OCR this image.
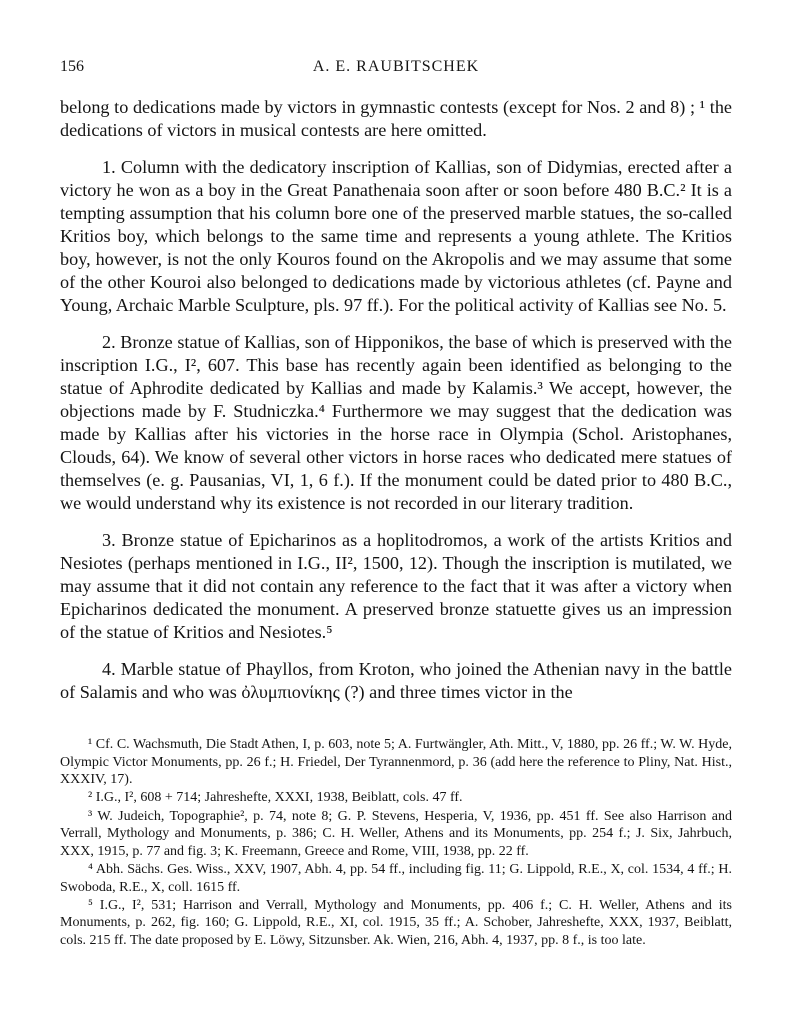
156	A. E. RAUBITSCHEK

belong to dedications made by victors in gymnastic contests (except for Nos. 2 and 8) ; ¹ the dedications of victors in musical contests are here omitted.

1. Column with the dedicatory inscription of Kallias, son of Didymias, erected after a victory he won as a boy in the Great Panathenaia soon after or soon before 480 B.C.² It is a tempting assumption that his column bore one of the preserved marble statues, the so-called Kritios boy, which belongs to the same time and represents a young athlete. The Kritios boy, however, is not the only Kouros found on the Akropolis and we may assume that some of the other Kouroi also belonged to dedications made by victorious athletes (cf. Payne and Young, Archaic Marble Sculpture, pls. 97 ff.). For the political activity of Kallias see No. 5.

2. Bronze statue of Kallias, son of Hipponikos, the base of which is preserved with the inscription I.G., I², 607. This base has recently again been identified as belonging to the statue of Aphrodite dedicated by Kallias and made by Kalamis.³ We accept, however, the objections made by F. Studniczka.⁴ Furthermore we may suggest that the dedication was made by Kallias after his victories in the horse race in Olympia (Schol. Aristophanes, Clouds, 64). We know of several other victors in horse races who dedicated mere statues of themselves (e. g. Pausanias, VI, 1, 6 f.). If the monument could be dated prior to 480 B.C., we would understand why its existence is not recorded in our literary tradition.

3. Bronze statue of Epicharinos as a hoplitodromos, a work of the artists Kritios and Nesiotes (perhaps mentioned in I.G., II², 1500, 12). Though the inscription is mutilated, we may assume that it did not contain any reference to the fact that it was after a victory when Epicharinos dedicated the monument. A preserved bronze statuette gives us an impression of the statue of Kritios and Nesiotes.⁵

4. Marble statue of Phayllos, from Kroton, who joined the Athenian navy in the battle of Salamis and who was ὀλυμπιονίκης (?) and three times victor in the

¹ Cf. C. Wachsmuth, Die Stadt Athen, I, p. 603, note 5; A. Furtwängler, Ath. Mitt., V, 1880, pp. 26 ff.; W. W. Hyde, Olympic Victor Monuments, pp. 26 f.; H. Friedel, Der Tyrannenmord, p. 36 (add here the reference to Pliny, Nat. Hist., XXXIV, 17).

² I.G., I², 608 + 714; Jahreshefte, XXXI, 1938, Beiblatt, cols. 47 ff.

³ W. Judeich, Topographie², p. 74, note 8; G. P. Stevens, Hesperia, V, 1936, pp. 451 ff. See also Harrison and Verrall, Mythology and Monuments, p. 386; C. H. Weller, Athens and its Monuments, pp. 254 f.; J. Six, Jahrbuch, XXX, 1915, p. 77 and fig. 3; K. Freemann, Greece and Rome, VIII, 1938, pp. 22 ff.

⁴ Abh. Sächs. Ges. Wiss., XXV, 1907, Abh. 4, pp. 54 ff., including fig. 11; G. Lippold, R.E., X, col. 1534, 4 ff.; H. Swoboda, R.E., X, coll. 1615 ff.

⁵ I.G., I², 531; Harrison and Verrall, Mythology and Monuments, pp. 406 f.; C. H. Weller, Athens and its Monuments, p. 262, fig. 160; G. Lippold, R.E., XI, col. 1915, 35 ff.; A. Schober, Jahreshefte, XXX, 1937, Beiblatt, cols. 215 ff. The date proposed by E. Löwy, Sitzunsber. Ak. Wien, 216, Abh. 4, 1937, pp. 8 f., is too late.
